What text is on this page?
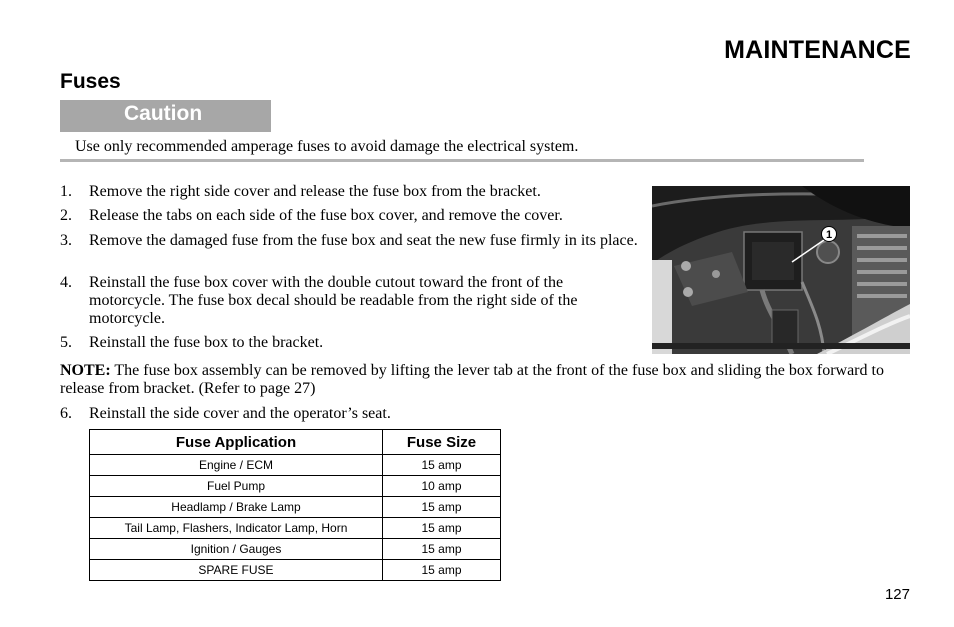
MAINTENANCE
Fuses
Caution
Use only recommended amperage fuses to avoid damage the electrical system.
1. Remove the right side cover and release the fuse box from the bracket.
2. Release the tabs on each side of the fuse box cover, and remove the cover.
3. Remove the damaged fuse from the fuse box and seat the new fuse firmly in its place.
4. Reinstall the fuse box cover with the double cutout toward the front of the motorcycle. The fuse box decal should be readable from the right side of the motorcycle.
5. Reinstall the fuse box to the bracket.
NOTE: The fuse box assembly can be removed by lifting the lever tab at the front of the fuse box and sliding the box forward to release from bracket. (Refer to page 27)
6. Reinstall the side cover and the operator’s seat.
1
Fuse Application	Fuse Size
Engine / ECM	15 amp
Fuel Pump	10 amp
Headlamp / Brake Lamp	15 amp
Tail Lamp, Flashers, Indicator Lamp, Horn	15 amp
Ignition / Gauges	15 amp
SPARE FUSE	15 amp
127
